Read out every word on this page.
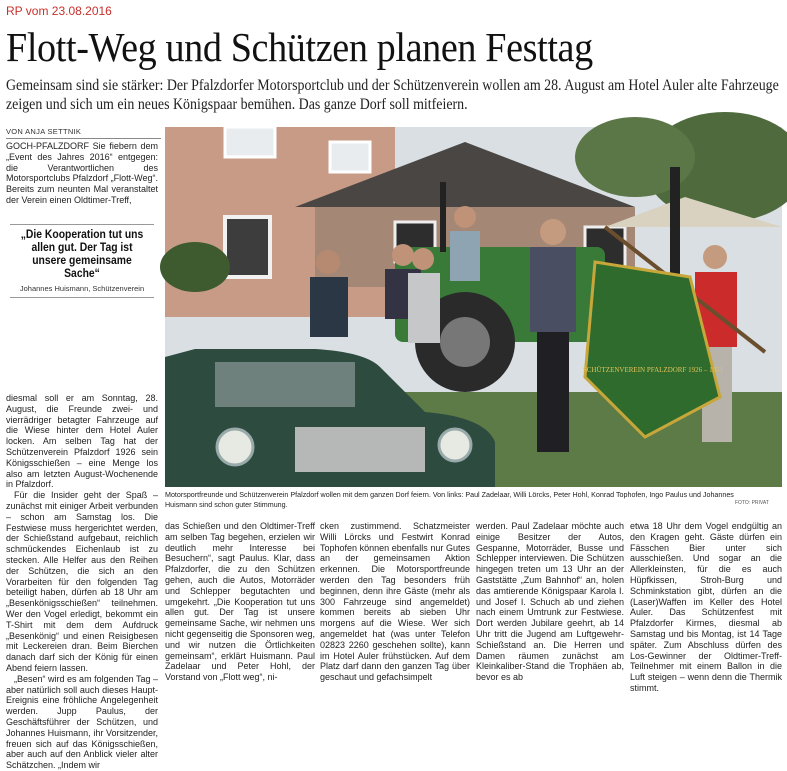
RP vom 23.08.2016
Flott-Weg und Schützen planen Festtag
Gemeinsam sind sie stärker: Der Pfalzdorfer Motorsportclub und der Schützenverein wollen am 28. August am Hotel Auler alte Fahrzeuge zeigen und sich um ein neues Königspaar bemühen. Das ganze Dorf soll mitfeiern.
VON ANJA SETTNIK

GOCH-PFALZDORF Sie fiebern dem „Event des Jahres 2016“ entgegen: die Verantwortlichen des Motorsportclubs Pfalzdorf „Flott-Weg“. Bereits zum neunten Mal veranstaltet der Verein einen Oldtimer-Treff,

„Die Kooperation tut uns allen gut. Der Tag ist unsere gemeinsame Sache“
Johannes Huismann, Schützenverein

diesmal soll er am Sonntag, 28. August, die Freunde zwei- und vierrädriger betagter Fahrzeuge auf die Wiese hinter dem Hotel Auler locken. Am selben Tag hat der Schützenverein Pfalzdorf 1926 sein Königsschießen – eine Menge los also am letzten August-Wochenende in Pfalzdorf.

Für die Insider geht der Spaß – zunächst mit einiger Arbeit verbunden – schon am Samstag los. Die Festwiese muss hergerichtet werden, der Schießstand aufgebaut, reichlich schmückendes Eichenlaub ist zu stecken. Alle Helfer aus den Reihen der Schützen, die sich an den Vorarbeiten für den folgenden Tag beteiligt haben, dürfen ab 18 Uhr am „Besenkönigsschießen“ teilnehmen. Wer den Vogel erledigt, bekommt ein T-Shirt mit dem dem Aufdruck „Besenkönig“ und einen Reisigbesen mit Leckereien dran. Beim Bierchen danach darf sich der König für einen Abend feiern lassen.

„Besen“ wird es am folgenden Tag – aber natürlich soll auch dieses Haupt-Ereignis eine fröhliche Angelegenheit werden. Jupp Paulus, der Geschäftsführer der Schützen, und Johannes Huismann, ihr Vorsitzender, freuen sich auf das Königsschießen, aber auch auf den Anblick vieler alter Schätzchen. „Indem wir

SCHÜTZENVEREIN PFALZDORF 1926 – 1951
Motorsportfreunde und Schützenverein Pfalzdorf wollen mit dem ganzen Dorf feiern. Von links: Paul Zadelaar, Willi Lörcks, Peter Hohl, Konrad Tophofen, Ingo Paulus und Johannes Huismann sind schon guter Stimmung.	FOTO: PRIVAT

das Schießen und den Oldtimer-Treff am selben Tag begehen, erzielen wir deutlich mehr Interesse bei Besuchern“, sagt Paulus. Klar, dass Pfalzdorfer, die zu den Schützen gehen, auch die Autos, Motorräder und Schlepper begutachten und umgekehrt. „Die Kooperation tut uns allen gut. Der Tag ist unsere gemeinsame Sache, wir nehmen uns nicht gegenseitig die Sponsoren weg, und wir nutzen die Örtlichkeiten gemeinsam“, erklärt Huismann. Paul Zadelaar und Peter Hohl, der Vorstand von „Flott weg“, ni-

cken zustimmend. Schatzmeister Willi Lörcks und Festwirt Konrad Tophofen können ebenfalls nur Gutes an der gemeinsamen Aktion erkennen. Die Motorsportfreunde werden den Tag besonders früh beginnen, denn ihre Gäste (mehr als 300 Fahrzeuge sind angemeldet) kommen bereits ab sieben Uhr morgens auf die Wiese. Wer sich angemeldet hat (was unter Telefon 02823 2260 geschehen sollte), kann im Hotel Auler frühstücken. Auf dem Platz darf dann den ganzen Tag über geschaut und gefachsimpelt

werden. Paul Zadelaar möchte auch einige Besitzer der Autos, Gespanne, Motorräder, Busse und Schlepper interviewen. Die Schützen hingegen treten um 13 Uhr an der Gaststätte „Zum Bahnhof“ an, holen das amtierende Königspaar Karola I. und Josef I. Schuch ab und ziehen nach einem Umtrunk zur Festwiese. Dort werden Jubilare geehrt, ab 14 Uhr tritt die Jugend am Luftgewehr-Schießstand an. Die Herren und Damen räumen zunächst am Kleinkaliber-Stand die Trophäen ab, bevor es ab

etwa 18 Uhr dem Vogel endgültig an den Kragen geht. Gäste dürfen ein Fässchen Bier unter sich ausschießen. Und sogar an die Allerkleinsten, für die es auch Hüpfkissen, Stroh-Burg und Schminkstation gibt, dürfen an die (Laser)Waffen im Keller des Hotel Auler. Das Schützenfest mit Pfalzdorfer Kirmes, diesmal ab Samstag und bis Montag, ist 14 Tage später. Zum Abschluss dürfen des Los-Gewinner der Oldtimer-Treff-Teilnehmer mit einem Ballon in die Luft steigen – wenn denn die Thermik stimmt.
